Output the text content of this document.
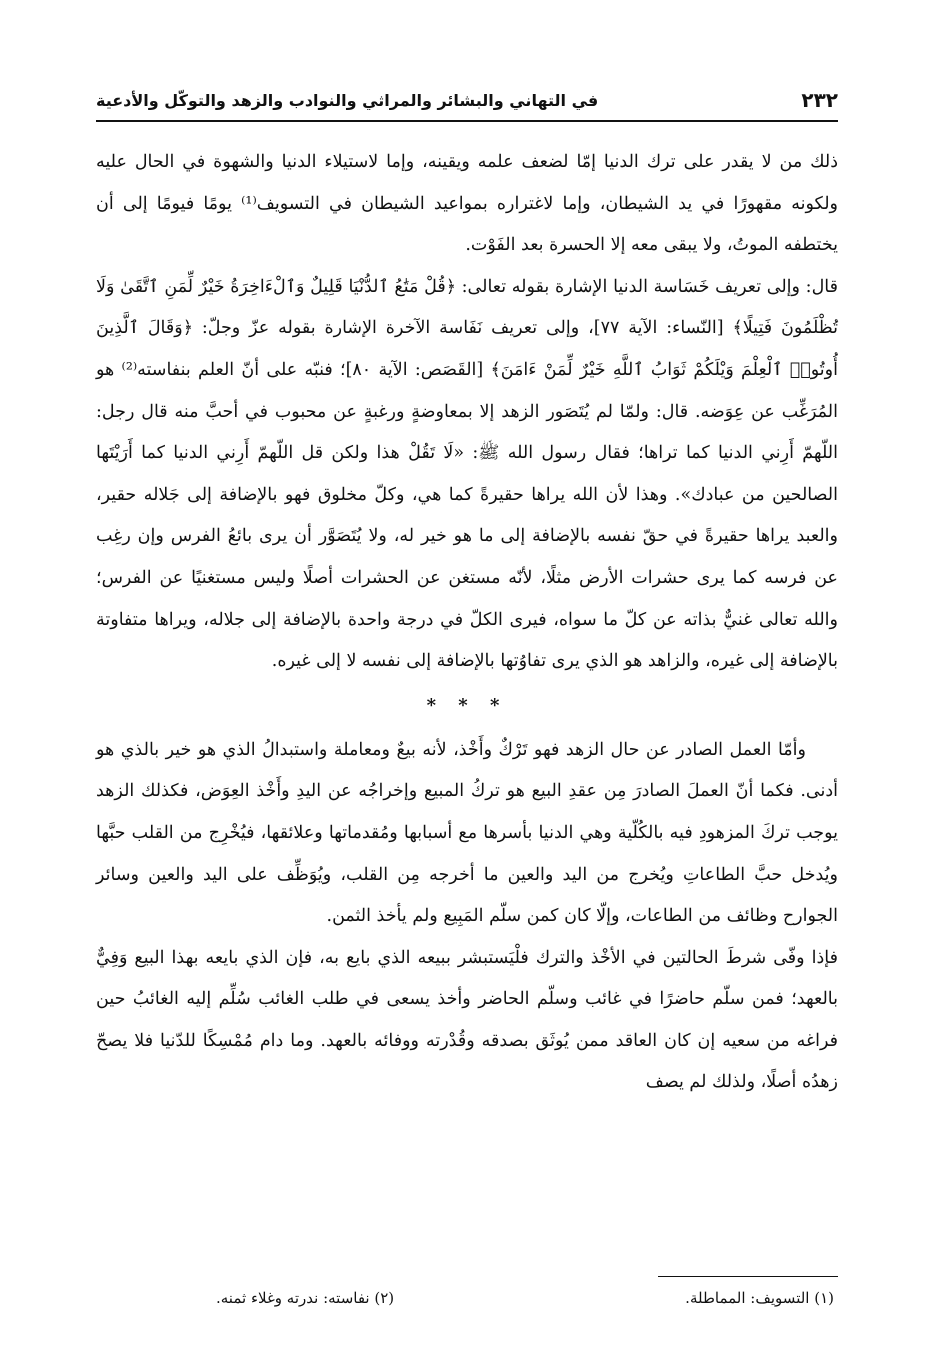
٢٣٢
في التهاني والبشائر والمراثي والنوادب والزهد والتوكّل والأدعية

ذلك من لا يقدر على ترك الدنيا إمّا لضعف علمه ويقينه، وإما لاستيلاء الدنيا والشهوة في الحال عليه ولكونه مقهورًا في يد الشيطان، وإما لاغتراره بمواعيد الشيطان في التسويف⁽¹⁾ يومًا فيومًا إلى أن يختطفه الموتُ، ولا يبقى معه إلا الحسرة بعد الفَوْت.

قال: وإلى تعريف خَسَاسة الدنيا الإشارة بقوله تعالى: ﴿قُلْ مَتَٰعُ ٱلدُّنْيَا قَلِيلٌ وَٱلْءَاخِرَةُ خَيْرٌ لِّمَنِ ٱتَّقَىٰ وَلَا تُظْلَمُونَ فَتِيلًا﴾ [النّساء: الآية ٧٧]، وإلى تعريف نَفَاسة الآخرة الإشارة بقوله عزّ وجلّ: ﴿وَقَالَ ٱلَّذِينَ أُوتُوا۟ ٱلْعِلْمَ وَيْلَكُمْ ثَوَابُ ٱللَّهِ خَيْرٌ لِّمَنْ ءَامَنَ﴾ [القَصَص: الآية ٨٠]؛ فنبّه على أنّ العلم بنفاسته⁽²⁾ هو المُرَغِّب عن عِوَضه. قال: ولمّا لم يُتَصَور الزهد إلا بمعاوضةٍ ورغبةٍ عن محبوب في أحبَّ منه قال رجل: اللّهمّ أَرِني الدنيا كما تراها؛ فقال رسول الله ﷺ: «لَا تَقُلْ هذا ولكن قل اللّهمّ أَرِني الدنيا كما أَرَيْتَها الصالحين من عبادك». وهذا لأن الله يراها حقيرةً كما هي، وكلّ مخلوق فهو بالإضافة إلى جَلاله حقير، والعبد يراها حقيرةً في حقّ نفسه بالإضافة إلى ما هو خير له، ولا يُتَصَوَّر أن يرى بائعُ الفرس وإن رغِب عن فرسه كما يرى حشرات الأرض مثلًا، لأنّه مستغن عن الحشرات أصلًا وليس مستغنيًا عن الفرس؛ والله تعالى غنيٌّ بذاته عن كلّ ما سواه، فيرى الكلّ في درجة واحدة بالإضافة إلى جلاله، ويراها متفاوتة بالإضافة إلى غيره، والزاهد هو الذي يرى تفاوُتها بالإضافة إلى نفسه لا إلى غيره.

* * *

وأمّا العمل الصادر عن حال الزهد فهو تَرْكٌ وأَخْذ، لأنه بيعٌ ومعاملة واستبدالُ الذي هو خير بالذي هو أدنى. فكما أنّ العملَ الصادرَ مِن عقدِ البيع هو تركُ المبيع وإخراجُه عن اليدِ وأَخْذ العِوَض، فكذلك الزهد يوجب تركَ المزهودِ فيه بالكُلّية وهي الدنيا بأسرها مع أسبابها ومُقدماتها وعلائقها، فيُخْرِج من القلب حبَّها ويُدخل حبَّ الطاعاتِ ويُخرج من اليد والعين ما أخرجه مِن القلب، ويُوَظِّف على اليد والعين وسائر الجوارح وظائف من الطاعات، وإلّا كان كمن سلّم المَبِيع ولم يأخذ الثمن.

فإذا وفّى شرطَ الحالتين في الأخْذ والترك فلْيَستبشر ببيعه الذي بايع به، فإن الذي بايعه بهذا البيع وَفِيٌّ بالعهد؛ فمن سلّم حاضرًا في غائب وسلّم الحاضر وأخذ يسعى في طلب الغائب سُلِّم إليه الغائبُ حين فراغه من سعيه إن كان العاقد ممن يُوثَق بصدقه وقُدْرته ووفائه بالعهد. وما دام مُمْسِكًا للدّنيا فلا يصحّ زهدُه أصلًا، ولذلك لم يصف

(١) التسويف: المماطلة.
(٢) نفاسته: ندرته وغلاء ثمنه.
